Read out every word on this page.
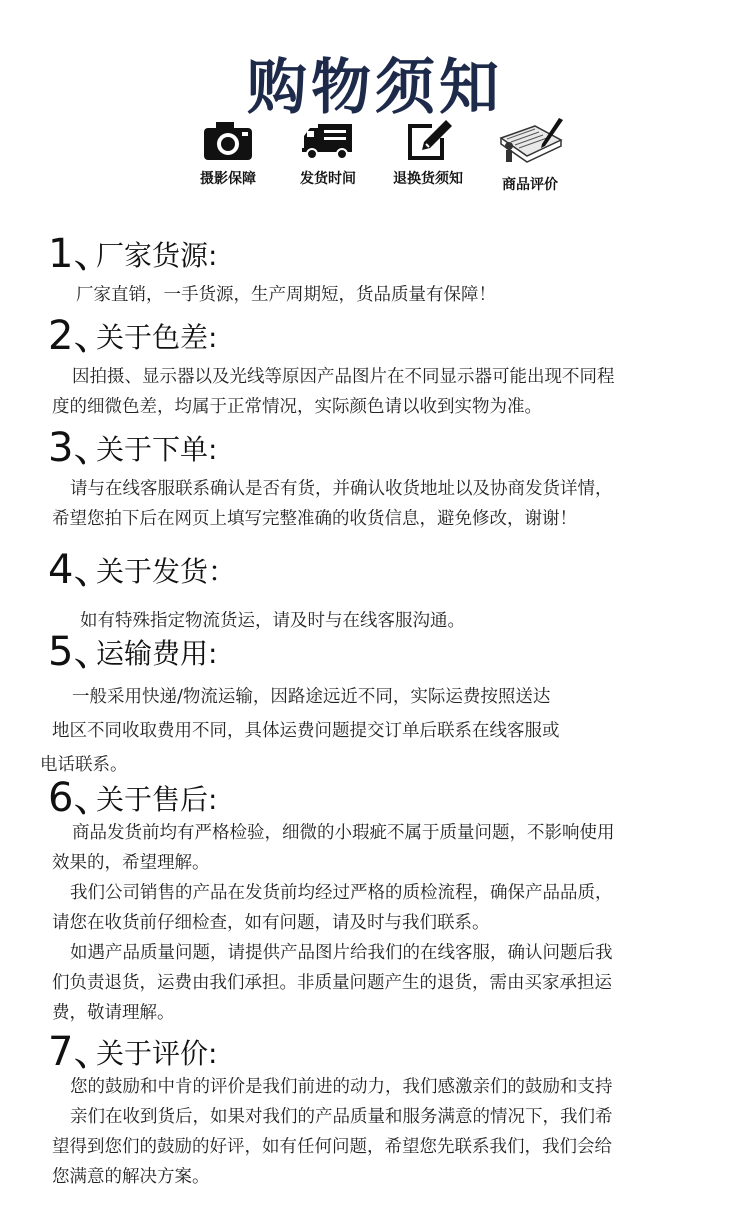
购物须知
摄影保障	发货时间	退换货须知	商品评价
1、
厂家货源:

厂家直销，一手货源，生产周期短，货品质量有保障！

2、
关于色差:

因拍摄、显示器以及光线等原因产品图片在不同显示器可能出现不同程

度的细微色差，均属于正常情况，实际颜色请以收到实物为准。

3、
关于下单:

请与在线客服联系确认是否有货，并确认收货地址以及协商发货详情，

希望您拍下后在网页上填写完整准确的收货信息，避免修改，谢谢！

4、
关于发货：

如有特殊指定物流货运，请及时与在线客服沟通。

5、
运输费用:

一般采用快递/物流运输，因路途远近不同，实际运费按照送达

地区不同收取费用不同，具体运费问题提交订单后联系在线客服或

电话联系。

6、
关于售后:

商品发货前均有严格检验，细微的小瑕疵不属于质量问题，不影响使用

效果的，希望理解。

我们公司销售的产品在发货前均经过严格的质检流程，确保产品品质，

请您在收货前仔细检查，如有问题，请及时与我们联系。

如遇产品质量问题，请提供产品图片给我们的在线客服，确认问题后我

们负责退货，运费由我们承担。非质量问题产生的退货，需由买家承担运

费，敬请理解。

7、
关于评价:

您的鼓励和中肯的评价是我们前进的动力，我们感激亲们的鼓励和支持

亲们在收到货后，如果对我们的产品质量和服务满意的情况下，我们希

望得到您们的鼓励的好评，如有任何问题，希望您先联系我们，我们会给

您满意的解决方案。
